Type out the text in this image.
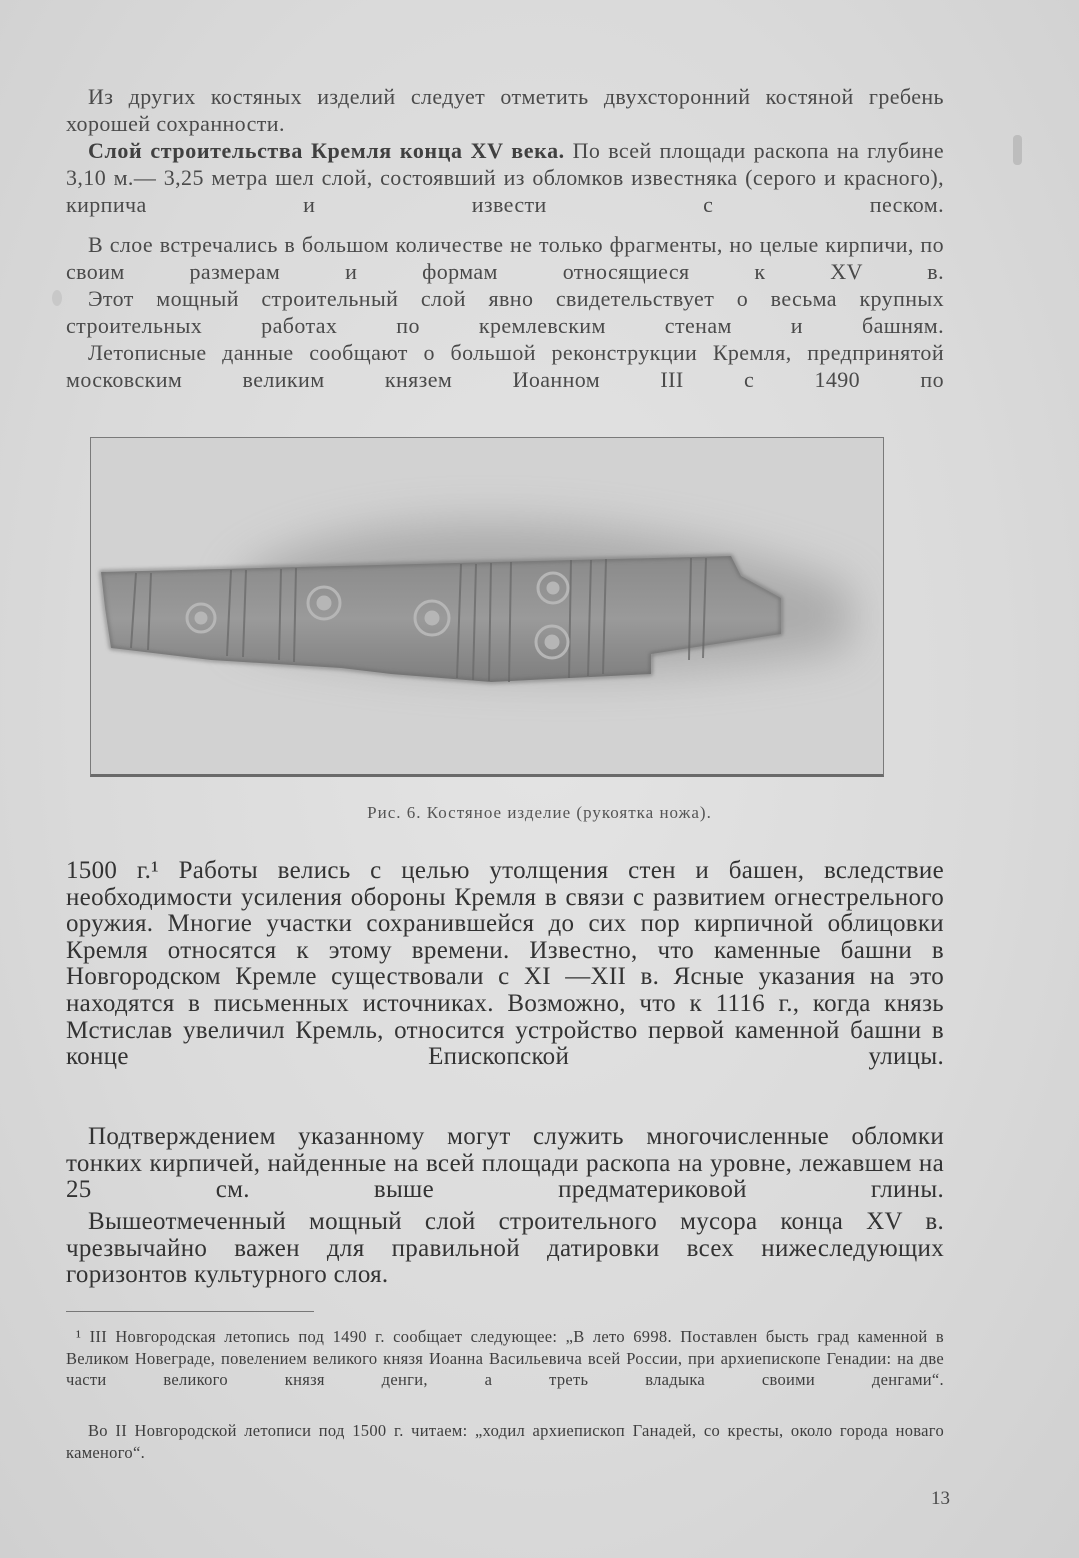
Из других костяных изделий следует отметить двухсторонний костяной гребень хорошей сохранности.

Слой строительства Кремля конца XV века. По всей площади раскопа на глубине 3,10 м.— 3,25 метра шел слой, состоявший из обломков известняка (серого и красного), кирпича и извести с песком.

В слое встречались в большом количестве не только фрагменты, но целые кирпичи, по своим размерам и формам относящиеся к XV в.

Этот мощный строительный слой явно свидетельствует о весьма крупных строительных работах по кремлевским стенам и башням.

Летописные данные сообщают о большой реконструкции Кремля, предпринятой московским великим князем Иоанном III с 1490 по

Рис. 6. Костяное изделие (рукоятка ножа).

1500 г.¹ Работы велись с целью утолщения стен и башен, вследствие необходимости усиления обороны Кремля в связи с развитием огнестрельного оружия. Многие участки сохранившейся до сих пор кирпичной облицовки Кремля относятся к этому времени. Известно, что каменные башни в Новгородском Кремле существовали с XI —XII в. Ясные указания на это находятся в письменных источниках. Возможно, что к 1116 г., когда князь Мстислав увеличил Кремль, относится устройство первой каменной башни в конце Епископской улицы.

Подтверждением указанному могут служить многочисленные обломки тонких кирпичей, найденные на всей площади раскопа на уровне, лежавшем на 25 см. выше предматериковой глины.

Вышеотмеченный мощный слой строительного мусора конца XV в. чрезвычайно важен для правильной датировки всех нижеследующих горизонтов культурного слоя.

¹ III Новгородская летопись под 1490 г. сообщает следующее: „В лето 6998. Поставлен бысть град каменной в Великом Новеграде, повелением великого князя Иоанна Васильевича всей России, при архиепископе Генадии: на две части великого князя денги, а треть владыка своими денгами“.

Во II Новгородской летописи под 1500 г. читаем: „ходил архиепископ Ганадей, со кресты, около города новаго каменого“.

13
